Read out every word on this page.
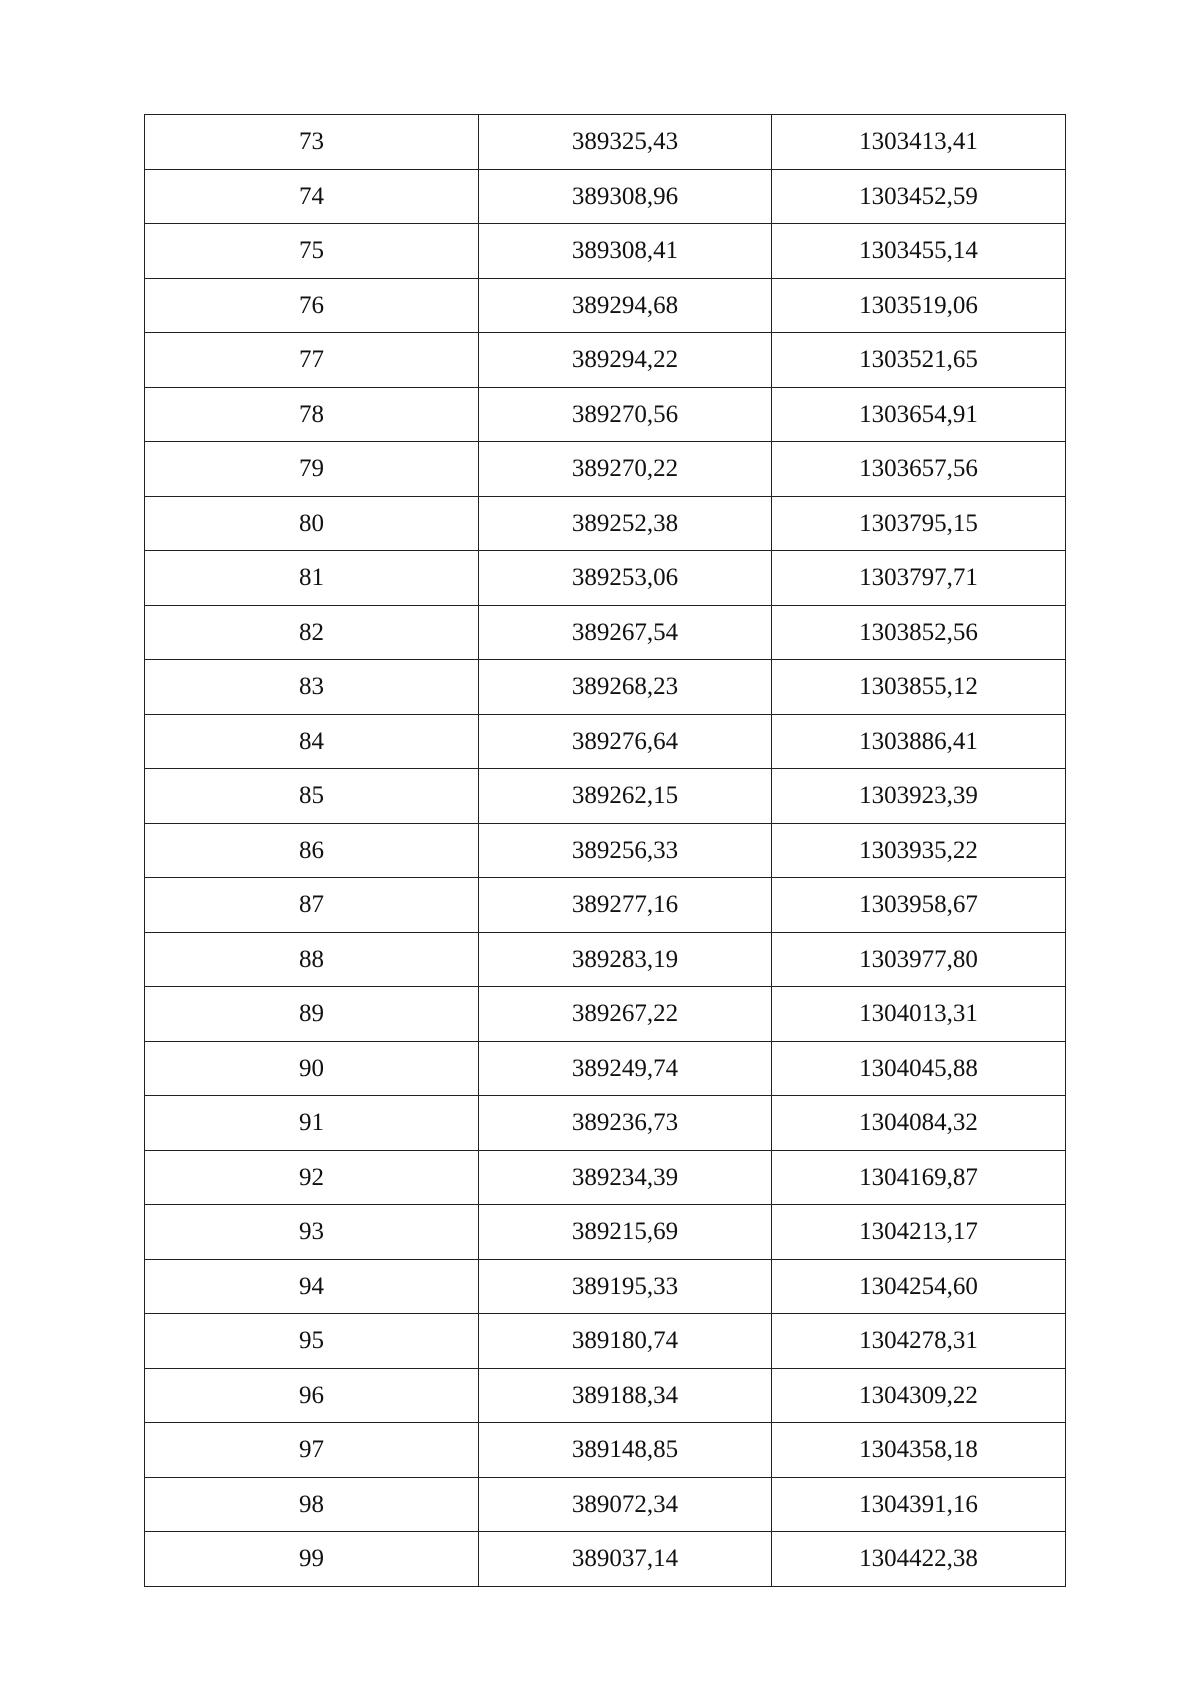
73	389325,43	1303413,41
74	389308,96	1303452,59
75	389308,41	1303455,14
76	389294,68	1303519,06
77	389294,22	1303521,65
78	389270,56	1303654,91
79	389270,22	1303657,56
80	389252,38	1303795,15
81	389253,06	1303797,71
82	389267,54	1303852,56
83	389268,23	1303855,12
84	389276,64	1303886,41
85	389262,15	1303923,39
86	389256,33	1303935,22
87	389277,16	1303958,67
88	389283,19	1303977,80
89	389267,22	1304013,31
90	389249,74	1304045,88
91	389236,73	1304084,32
92	389234,39	1304169,87
93	389215,69	1304213,17
94	389195,33	1304254,60
95	389180,74	1304278,31
96	389188,34	1304309,22
97	389148,85	1304358,18
98	389072,34	1304391,16
99	389037,14	1304422,38
